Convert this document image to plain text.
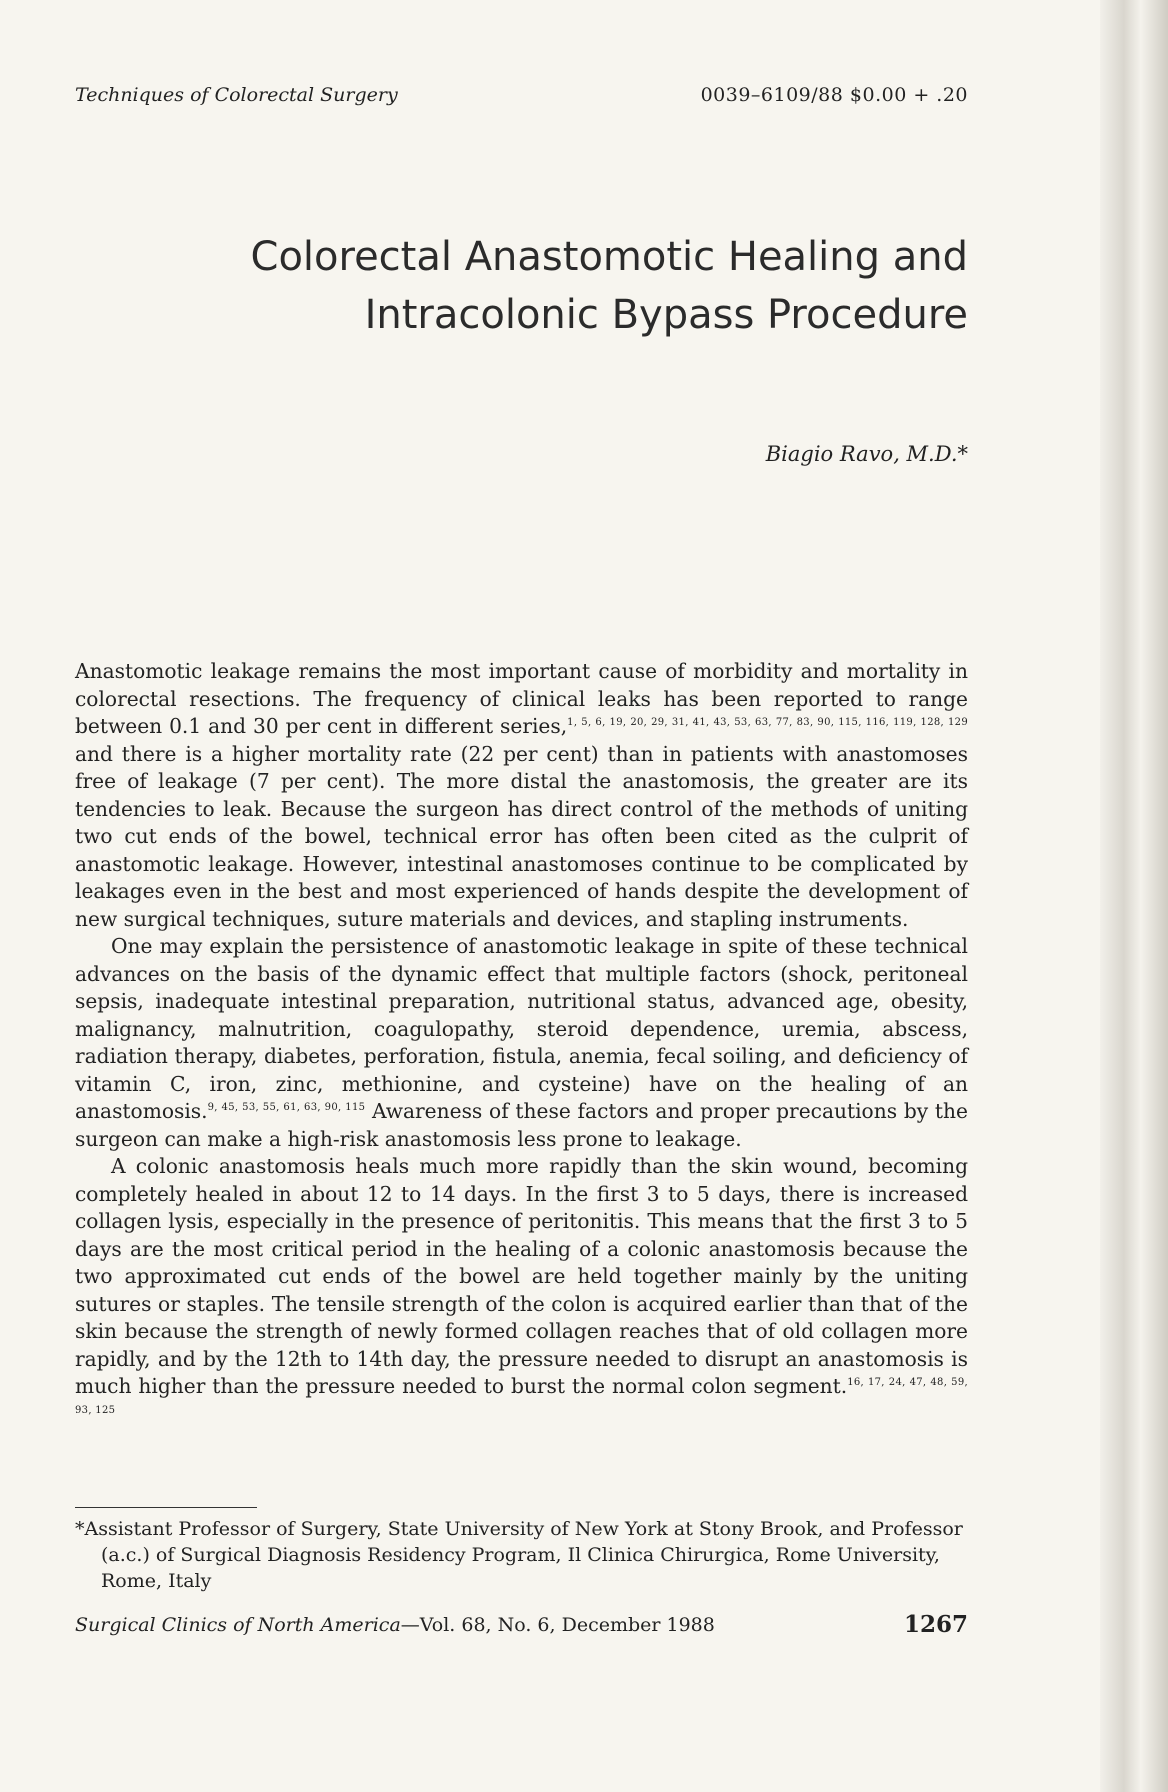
Techniques of Colorectal Surgery	0039–6109/88 $0.00 + .20
Colorectal Anastomotic Healing and
Intracolonic Bypass Procedure
Biagio Ravo, M.D.*

Anastomotic leakage remains the most important cause of morbidity and mortality in colorectal resections. The frequency of clinical leaks has been reported to range between 0.1 and 30 per cent in different series,$^{1, 5, 6, 19, 20, 29, 31, 41, 43, 53, 63, 77, 83, 90, 115, 116, 119, 128, 129}$ and there is a higher mortality rate (22 per cent) than in patients with anastomoses free of leakage (7 per cent). The more distal the anastomosis, the greater are its tendencies to leak. Because the surgeon has direct control of the methods of uniting two cut ends of the bowel, technical error has often been cited as the culprit of anastomotic leakage. However, intestinal anastomoses continue to be complicated by leakages even in the best and most experienced of hands despite the development of new surgical techniques, suture materials and devices, and stapling instruments.

One may explain the persistence of anastomotic leakage in spite of these technical advances on the basis of the dynamic effect that multiple factors (shock, peritoneal sepsis, inadequate intestinal preparation, nutritional status, advanced age, obesity, malignancy, malnutrition, coagulopathy, steroid dependence, uremia, abscess, radiation therapy, diabetes, perforation, fistula, anemia, fecal soiling, and deficiency of vitamin C, iron, zinc, methionine, and cysteine) have on the healing of an anastomosis.$^{9, 45, 53, 55, 61, 63, 90, 115}$ Awareness of these factors and proper precautions by the surgeon can make a high-risk anastomosis less prone to leakage.

A colonic anastomosis heals much more rapidly than the skin wound, becoming completely healed in about 12 to 14 days. In the first 3 to 5 days, there is increased collagen lysis, especially in the presence of peritonitis. This means that the first 3 to 5 days are the most critical period in the healing of a colonic anastomosis because the two approximated cut ends of the bowel are held together mainly by the uniting sutures or staples. The tensile strength of the colon is acquired earlier than that of the skin because the strength of newly formed collagen reaches that of old collagen more rapidly, and by the 12th to 14th day, the pressure needed to disrupt an anastomosis is much higher than the pressure needed to burst the normal colon segment.$^{16, 17, 24, 47, 48, 59, 93, 125}$

*Assistant Professor of Surgery, State University of New York at Stony Brook, and Professor
(a.c.) of Surgical Diagnosis Residency Program, Il Clinica Chirurgica, Rome University,
Rome, Italy
Surgical Clinics of North America—Vol. 68, No. 6, December 1988	1267
